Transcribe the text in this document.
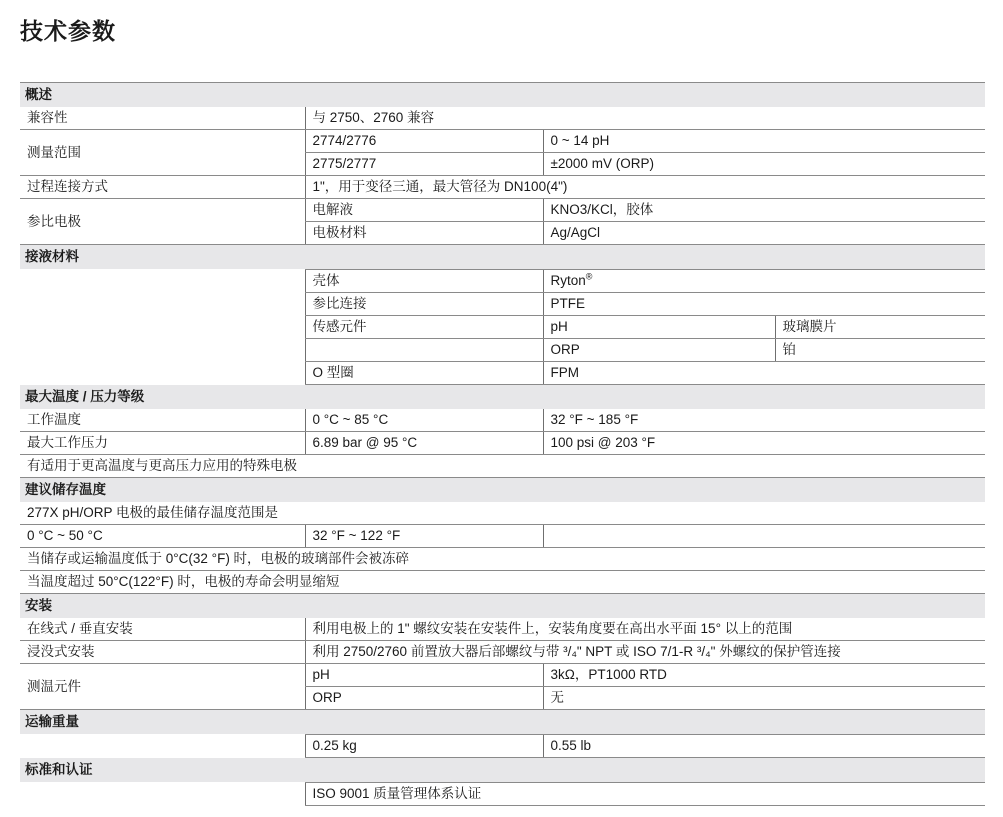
技术参数
概述			
兼容性	与 2750、2760 兼容		
测量范围	2774/2776	0 ~ 14 pH	
	2775/2777	±2000 mV (ORP)	
过程连接方式	1"，用于变径三通，最大管径为 DN100(4")		
参比电极	电解液	KNO3/KCl，胶体	
	电极材料	Ag/AgCl	
接液材料			
	壳体	Ryton®
	参比连接	PTFE	
	传感元件	pH	玻璃膜片
		ORP	铂
	O 型圈	FPM	
最大温度 / 压力等级			
工作温度	0 °C ~ 85 °C	32 °F ~ 185 °F	
最大工作压力	6.89 bar @ 95 °C	100 psi @ 203 °F	
有适用于更高温度与更高压力应用的特殊电极			
建议储存温度			
277X pH/ORP 电极的最佳储存温度范围是			
0 °C ~ 50 °C	32 °F ~ 122 °F		
当储存或运输温度低于 0°C(32 °F) 时，电极的玻璃部件会被冻碎			
当温度超过 50°C(122°F) 时，电极的寿命会明显缩短			
安装			
在线式 / 垂直安装	利用电极上的 1" 螺纹安装在安装件上，安装角度要在高出水平面 15° 以上的范围		
浸没式安装	利用 2750/2760 前置放大器后部螺纹与带 ³/₄" NPT 或 ISO 7/1-R ³/₄" 外螺纹的保护管连接		
测温元件	pH	3kΩ，PT1000 RTD	
	ORP	无	
运输重量			
	0.25 kg	0.55 lb	
标准和认证			
	ISO 9001 质量管理体系认证		
